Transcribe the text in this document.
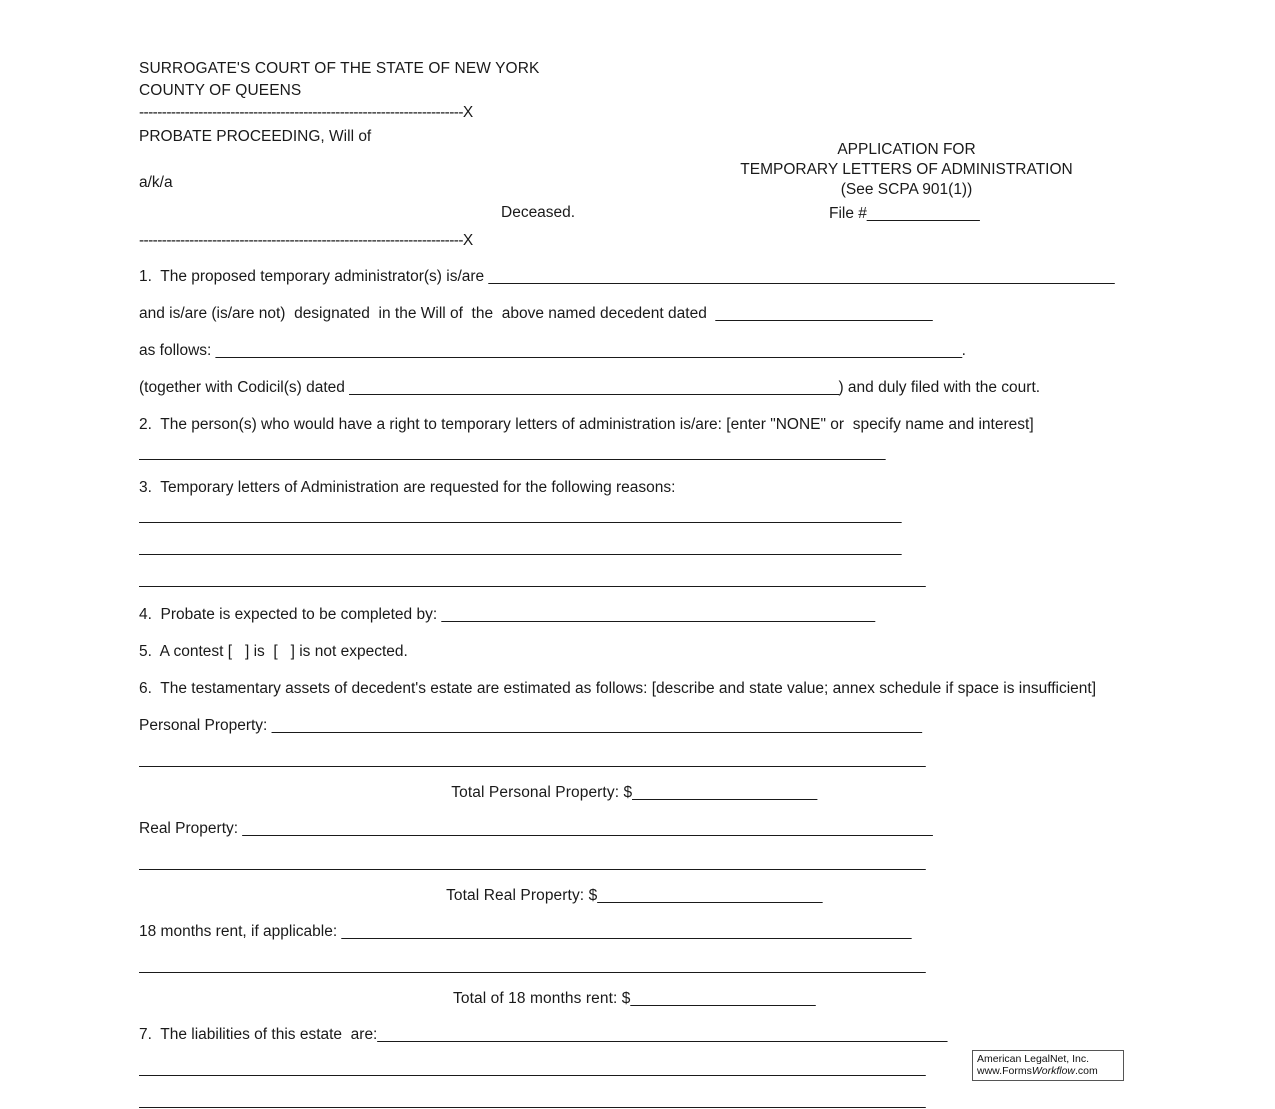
SURROGATE'S COURT OF THE STATE OF NEW YORK
COUNTY OF QUEENS
-----------------------------------------------------------------------X
PROBATE PROCEEDING, Will of
a/k/a
Deceased.
APPLICATION FOR
TEMPORARY LETTERS OF ADMINISTRATION
(See SCPA 901(1))
File #______________
-----------------------------------------------------------------------X
1.  The proposed temporary administrator(s) is/are ______________________________________________________________________________
and is/are (is/are not)  designated  in the Will of  the  above named decedent dated  ___________________________
as follows: _____________________________________________________________________________________________.
(together with Codicil(s) dated _____________________________________________________________) and duly filed with the court.
2.  The person(s) who would have a right to temporary letters of administration is/are: [enter "NONE" or  specify name and interest]
_____________________________________________________________________________________________
3.  Temporary letters of Administration are requested for the following reasons:
_______________________________________________________________________________________________
_______________________________________________________________________________________________
__________________________________________________________________________________________________
4.  Probate is expected to be completed by: ______________________________________________________
5.  A contest [   ] is  [   ] is not expected.
6.  The testamentary assets of decedent's estate are estimated as follows: [describe and state value; annex schedule if space is insufficient]
Personal Property: _________________________________________________________________________________
__________________________________________________________________________________________________
Total Personal Property: $_______________________
Real Property: ______________________________________________________________________________________
__________________________________________________________________________________________________
Total Real Property: $____________________________
18 months rent, if applicable: _______________________________________________________________________
__________________________________________________________________________________________________
Total of 18 months rent: $_______________________
7.  The liabilities of this estate  are:_______________________________________________________________________
__________________________________________________________________________________________________
__________________________________________________________________________________________________
American LegalNet, Inc.
www.FormsWorkflow.com
